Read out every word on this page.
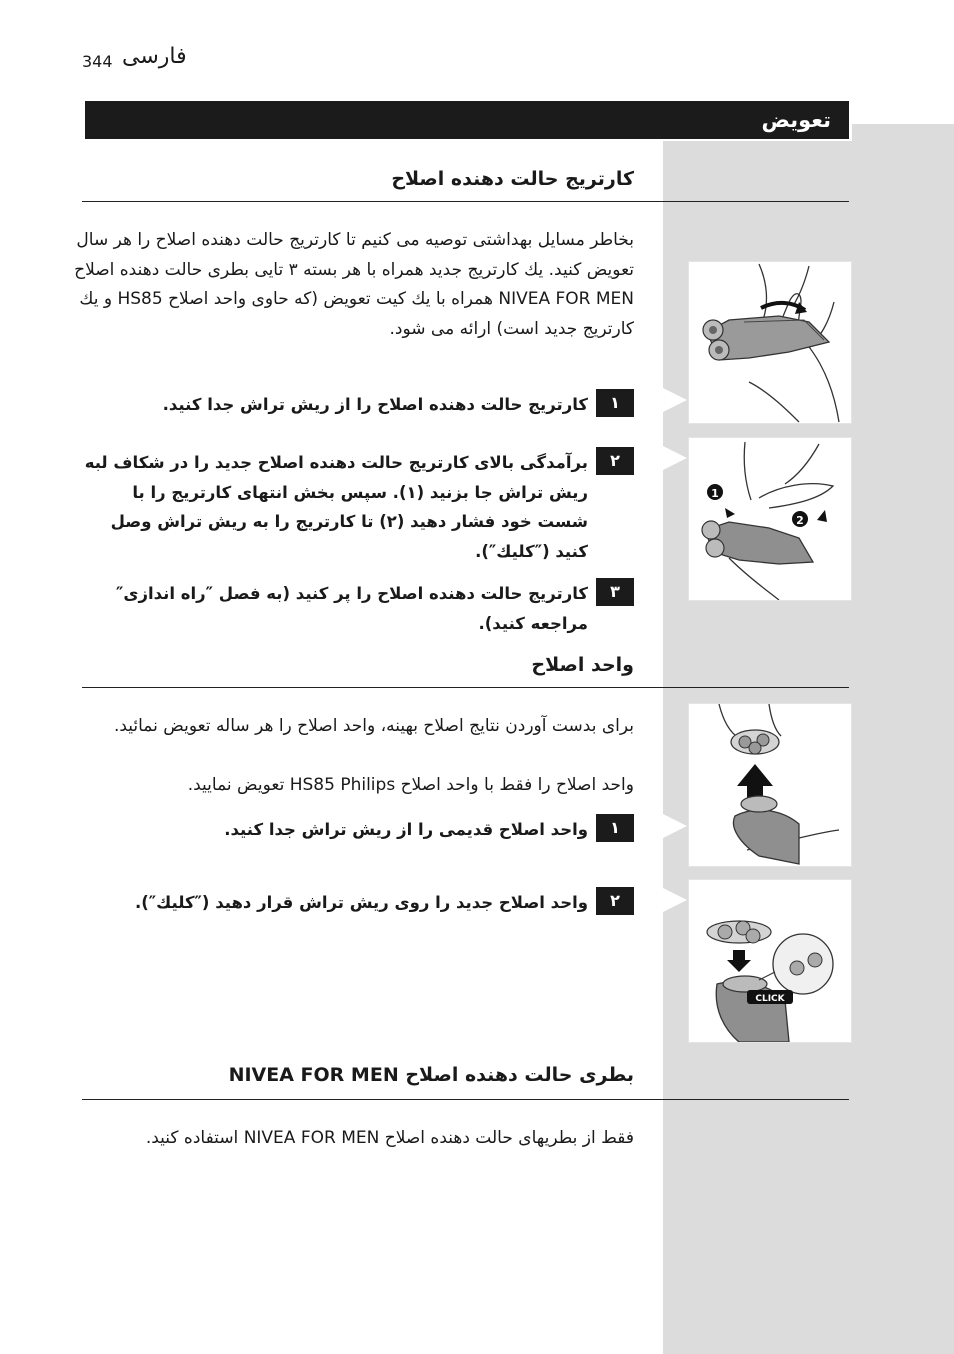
344 فارسی
تعويض
كارتريج حالت دهنده اصلاح
بخاطر مسايل بهداشتی توصيه می كنيم تا كارتريج حالت دهنده اصلاح را هر سال تعويض كنيد. يك كارتريج جديد همراه با هر بسته ٣ تايی بطری حالت دهنده اصلاح NIVEA FOR MEN همراه با يك كيت تعويض (كه حاوی واحد اصلاح HS85 و يك كارتريج جديد است) ارائه می شود.
١
كارتريج حالت دهنده اصلاح را از ريش تراش جدا كنيد.
٢
برآمدگی بالای كارتريج حالت دهنده اصلاح جديد را در شكاف لبه ريش تراش جا بزنيد (١). سپس بخش انتهای كارتريج را با شست خود فشار دهيد (٢) تا كارتريج را به ريش تراش وصل كنيد (″كليك″).
٣
كارتريج حالت دهنده اصلاح را پر كنيد (به فصل ″راه اندازی″ مراجعه كنيد).
واحد اصلاح
برای بدست آوردن نتايج اصلاح بهينه، واحد اصلاح را هر ساله تعويض نمائيد.
واحد اصلاح را فقط با واحد اصلاح HS85 Philips تعويض نماييد.
١
واحد اصلاح قديمی را از ريش تراش جدا كنيد.
٢
واحد اصلاح جديد را روی ريش تراش قرار دهيد (″كليك″).
بطری حالت دهنده اصلاح NIVEA FOR MEN
فقط از بطريهای حالت دهنده اصلاح NIVEA FOR MEN استفاده كنيد.
1
2
CLICK
